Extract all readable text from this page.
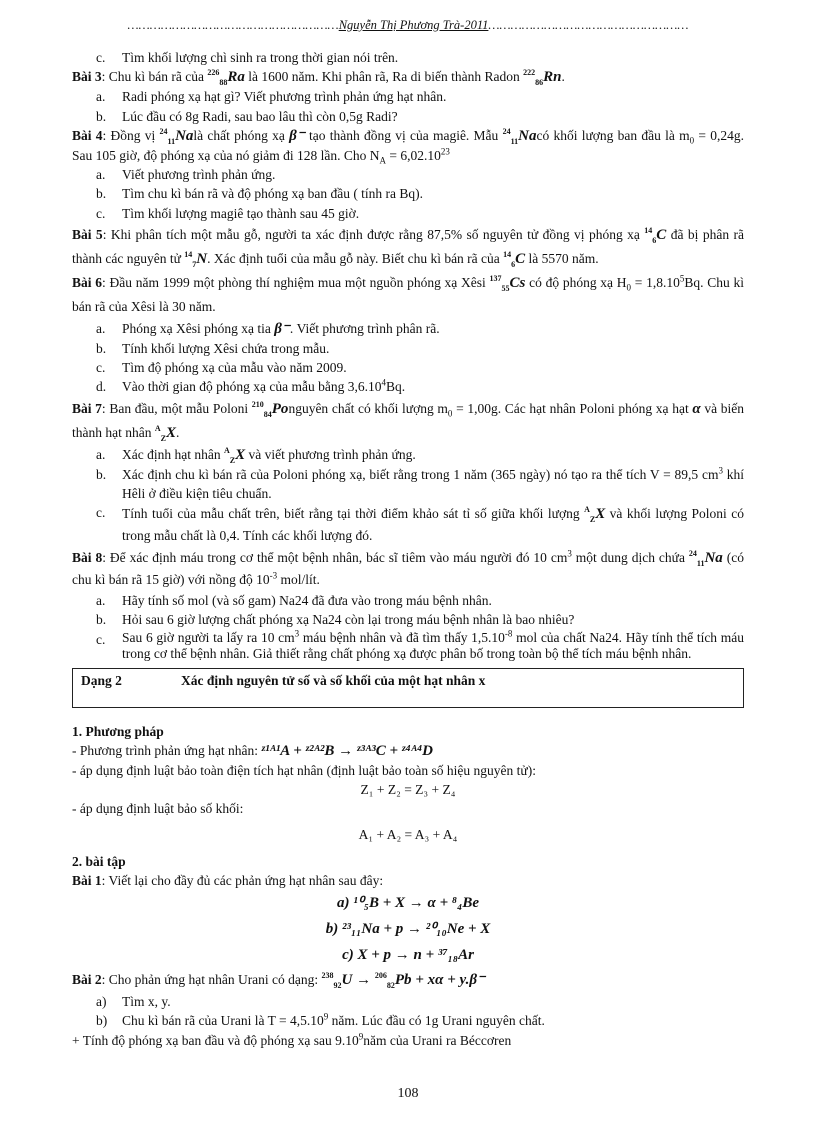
…………………………………………………Nguyễn Thị Phương Trà-2011………………………………………………
c.	Tìm khối lượng chì sinh ra trong thời gian nói trên.

Bài 3: Chu kì bán rã của $^{226}_{88}$Ra là 1600 năm. Khi phân rã, Ra di biến thành Radon $^{222}_{86}$Rn.

a.	Radi phóng xạ hạt gì? Viết phương trình phản ứng hạt nhân.
b.	Lúc đầu có 8g Radi, sau bao lâu thì còn 0,5g Radi?

Bài 4: Đồng vị $^{24}_{11}$Nalà chất phóng xạ β⁻ tạo thành đồng vị của magiê. Mẫu $^{24}_{11}$Nacó khối lượng ban đầu là $m_0 = 0,24g$. Sau 105 giờ, độ phóng xạ của nó giảm đi 128 lần. Cho $N_A = 6,02.10^{23}$

a.	Viết phương trình phản ứng.
b.	Tìm chu kì bán rã và độ phóng xạ ban đầu ( tính ra Bq).
c.	Tìm khối lượng magiê tạo thành sau 45 giờ.

Bài 5: Khi phân tích một mẫu gỗ, người ta xác định được rằng 87,5% số nguyên tử đồng vị phóng xạ $^{14}_6$C đã bị phân rã thành các nguyên tử $^{14}_7$N. Xác định tuổi của mẫu gỗ này. Biết chu kì bán rã của $^{14}_6$C là 5570 năm.

Bài 6: Đầu năm 1999 một phòng thí nghiệm mua một nguồn phóng xạ Xêsi $^{137}_{55}$Cs có độ phóng xạ $H_0 = 1,8.10^5Bq$. Chu kì bán rã của Xêsi là 30 năm.

a.	Phóng xạ Xêsi phóng xạ tia β⁻. Viết phương trình phân rã.
b.	Tính khối lượng Xêsi chứa trong mẫu.
c.	Tìm độ phóng xạ của mẫu vào năm 2009.
d.	Vào thời gian độ phóng xạ của mẫu bằng 3,6.10$^4$Bq.

Bài 7: Ban đầu, một mẫu Poloni $^{210}_{84}$Ponguyên chất có khối lượng $m_0 = 1,00g$. Các hạt nhân Poloni phóng xạ hạt α và biến thành hạt nhân $^A_Z$X.

a.	Xác định hạt nhân $^A_Z$X và viết phương trình phản ứng.
b.	Xác định chu kì bán rã của Poloni phóng xạ, biết rằng trong 1 năm (365 ngày) nó tạo ra thể tích V = 89,5 $cm^3$ khí Hêli ở điều kiện tiêu chuẩn.
c.	Tính tuổi của mẫu chất trên, biết rằng tại thời điểm khảo sát tỉ số giữa khối lượng $^A_Z$X và khối lượng Poloni có trong mẫu chất là 0,4. Tính các khối lượng đó.

Bài 8: Để xác định máu trong cơ thể một bệnh nhân, bác sĩ tiêm vào máu người đó 10 $cm^3$ một dung dịch chứa $^{24}_{11}$Na (có chu kì bán rã 15 giờ) với nồng độ $10^{-3}$ mol/lít.

a.	Hãy tính số mol (và số gam) Na24 đã đưa vào trong máu bệnh nhân.
b.	Hỏi sau 6 giờ lượng chất phóng xạ Na24 còn lại trong máu bệnh nhân là bao nhiêu?
c.	Sau 6 giờ người ta lấy ra 10 $cm^3$ máu bệnh nhân và đã tìm thấy $1,5.10^{-8}$ mol của chất Na24. Hãy tính thể tích máu trong cơ thể bệnh nhân. Giả thiết rằng chất phóng xạ được phân bố trong toàn bộ thể tích máu bệnh nhân.
Dạng 2	Xác định nguyên tử số và số khối của một hạt nhân x

1. Phương pháp

- Phương trình phản ứng hạt nhân: ᶻ¹ᴬ¹A + ᶻ²ᴬ²B → ᶻ³ᴬ³C + ᶻ⁴ᴬ⁴D

- áp dụng định luật bảo toàn điện tích hạt nhân (định luật bảo toàn số hiệu nguyên tử):

Z₁ + Z₂ = Z₃ + Z₄

- áp dụng định luật bảo số khối:

A₁ + A₂ = A₃ + A₄

2. bài tập

Bài 1: Viết lại cho đầy đủ các phản ứng hạt nhân sau đây:

a) ¹⁰₅B + X → α + ⁸₄Be

b) ²³₁₁Na + p → ²⁰₁₀Ne + X

c) X + p → n + ³⁷₁₈Ar

Bài 2: Cho phản ứng hạt nhân Urani có dạng: $^{238}_{92}$U → $^{206}_{82}$Pb + xα + y.β⁻

a)	Tìm x, y.
b)	Chu kì bán rã của Urani là $T = 4,5.10^9$ năm. Lúc đầu có 1g Urani nguyên chất.

+ Tính độ phóng xạ ban đầu và độ phóng xạ sau 9.10$^9$năm của Urani ra Béccơren

108
